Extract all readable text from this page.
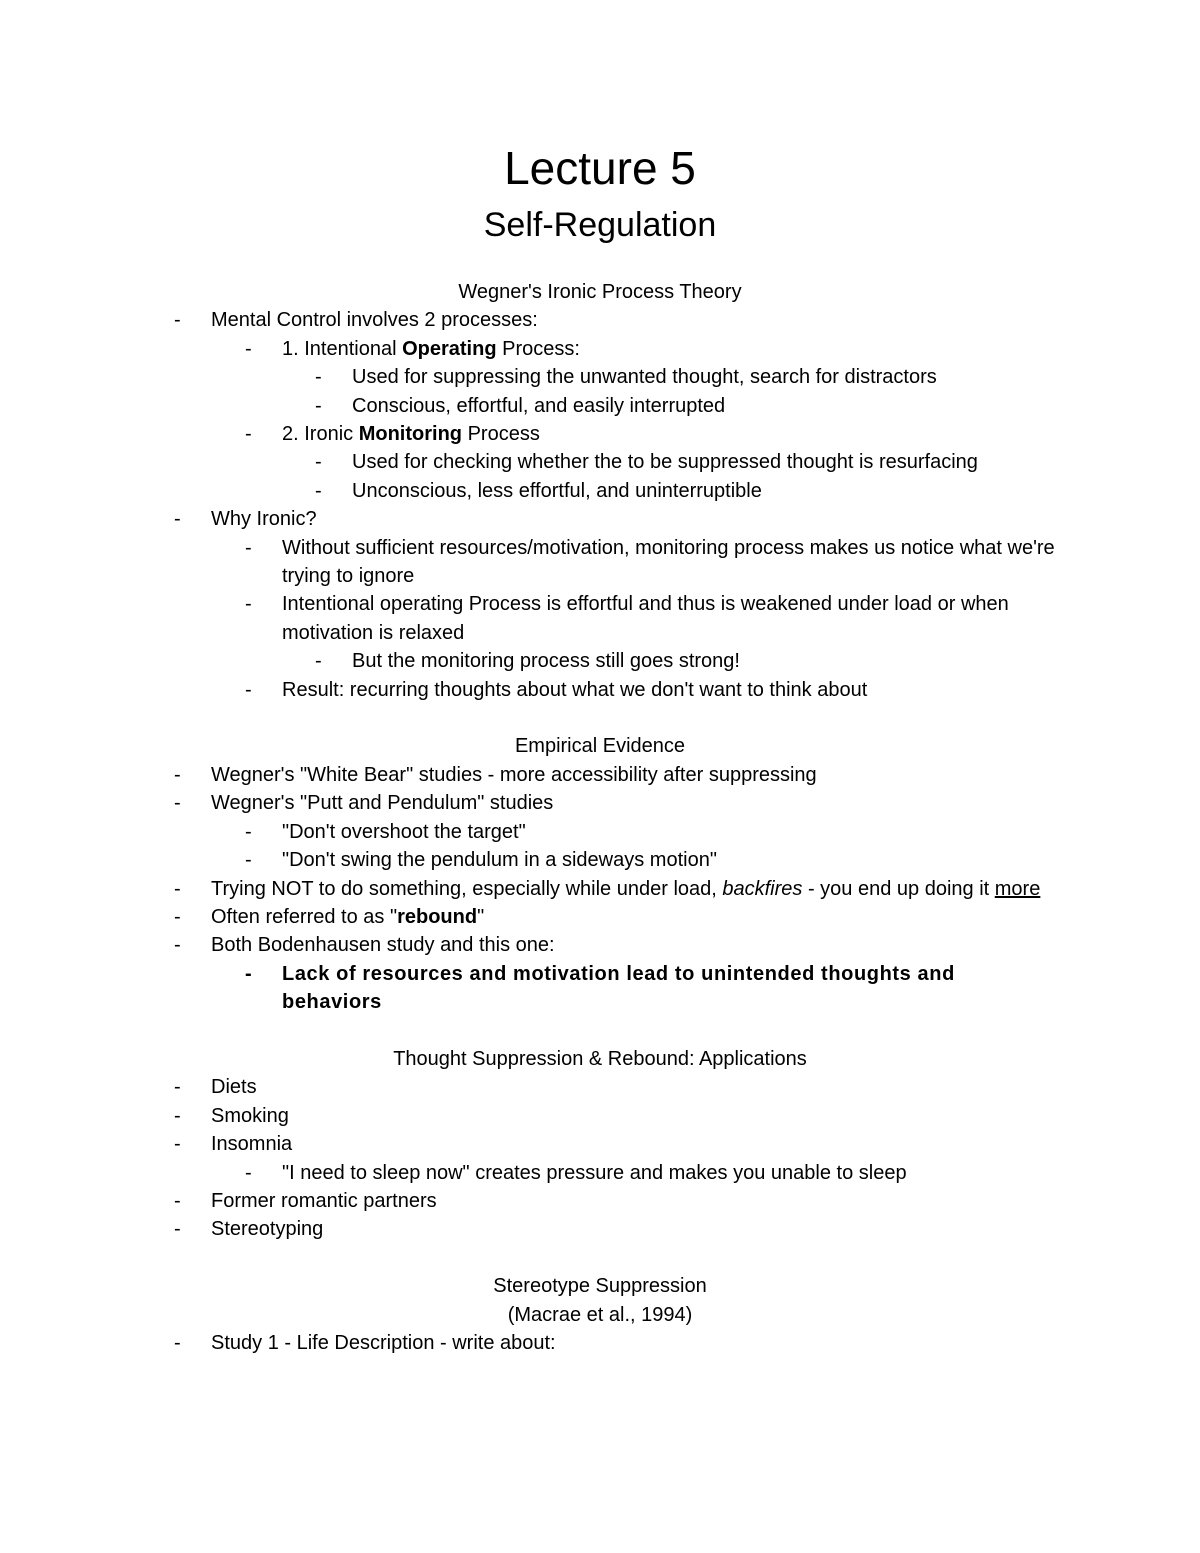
Lecture 5
Self-Regulation

Wegner's Ironic Process Theory

- Mental Control involves 2 processes:
- 1. Intentional Operating Process:
- Used for suppressing the unwanted thought, search for distractors
- Conscious, effortful, and easily interrupted
- 2. Ironic Monitoring Process
- Used for checking whether the to be suppressed thought is resurfacing
- Unconscious, less effortful, and uninterruptible
- Why Ironic?
- Without sufficient resources/motivation, monitoring process makes us notice what we're trying to ignore
- Intentional operating Process is effortful and thus is weakened under load or when motivation is relaxed
- But the monitoring process still goes strong!
- Result: recurring thoughts about what we don't want to think about

Empirical Evidence

- Wegner's "White Bear" studies - more accessibility after suppressing
- Wegner's "Putt and Pendulum" studies
- "Don't overshoot the target"
- "Don't swing the pendulum in a sideways motion"
- Trying NOT to do something, especially while under load, backfires - you end up doing it more
- Often referred to as "rebound"
- Both Bodenhausen study and this one:
- Lack of resources and motivation lead to unintended thoughts and behaviors

Thought Suppression & Rebound: Applications

- Diets
- Smoking
- Insomnia
- "I need to sleep now" creates pressure and makes you unable to sleep
- Former romantic partners
- Stereotyping

Stereotype Suppression

(Macrae et al., 1994)

- Study 1 - Life Description - write about:
